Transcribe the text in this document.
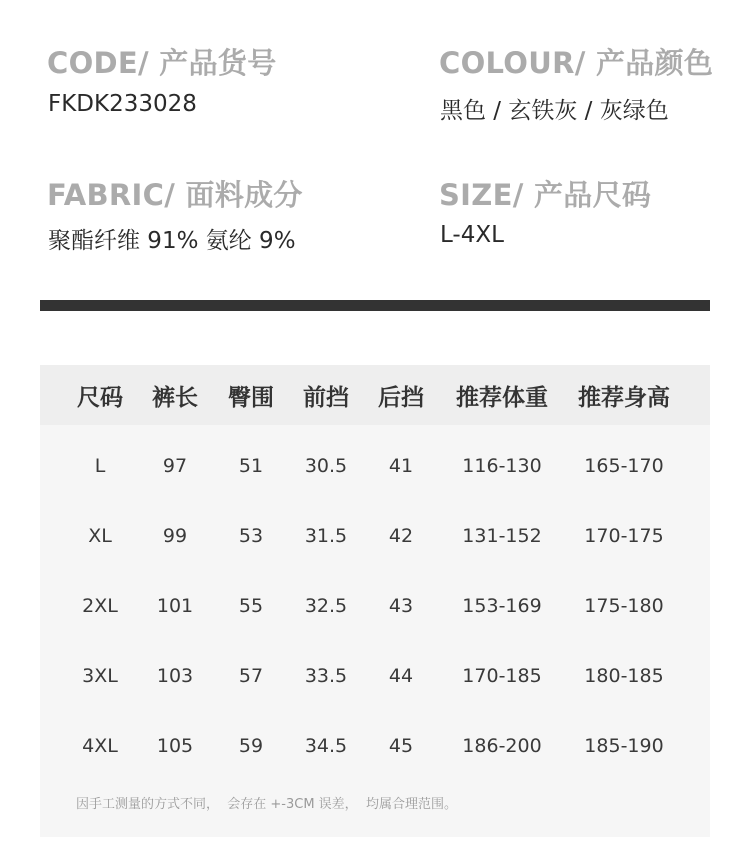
CODE/ 产品货号
FKDK233028
COLOUR/ 产品颜色
黑色 / 玄铁灰 / 灰绿色
FABRIC/ 面料成分
聚酯纤维 91% 氨纶 9%
SIZE/ 产品尺码
L-4XL
尺码 裤长 臀围 前挡 后挡 推荐体重 推荐身高
L	97	51 30.5 41	116-130 165-170
XL	99	53 31.5 42	131-152 170-175
2XL 101 55 32.5 43	153-169 175-180
3XL 103 57 33.5 44	170-185 180-185
4XL 105 59 34.5 45	186-200 185-190
因手工测量的方式不同，  会存在 +-3CM 误差，  均属合理范围。
